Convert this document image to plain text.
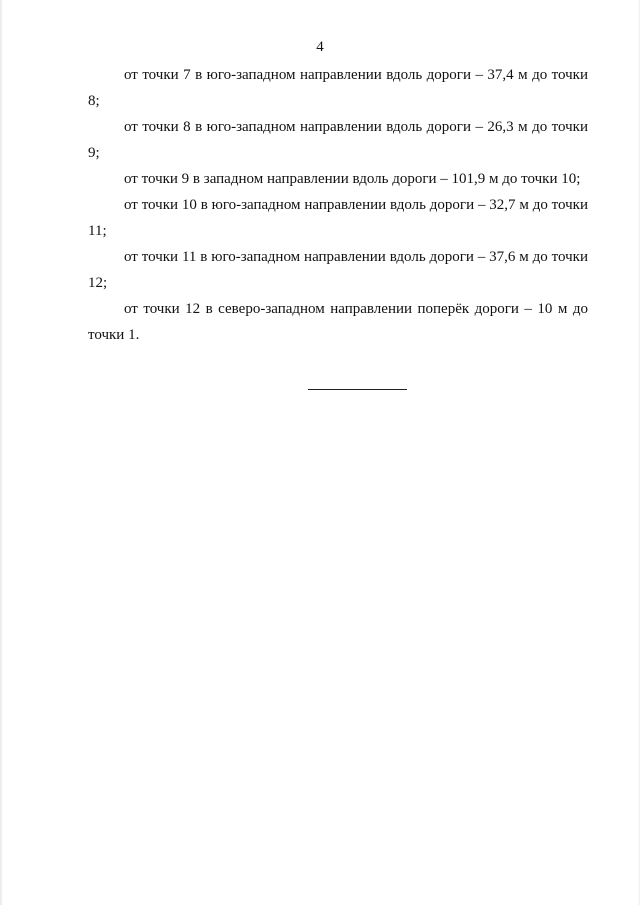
4

от точки 7 в юго-западном направлении вдоль дороги – 37,4 м до точки 8;

от точки 8 в юго-западном направлении вдоль дороги – 26,3 м до точки 9;

от точки 9 в западном направлении вдоль дороги – 101,9 м до точки 10;

от точки 10 в юго-западном направлении вдоль дороги – 32,7 м до точки 11;

от точки 11 в юго-западном направлении вдоль дороги – 37,6 м до точки 12;

от точки 12 в северо-западном направлении поперёк дороги – 10 м до точки 1.
